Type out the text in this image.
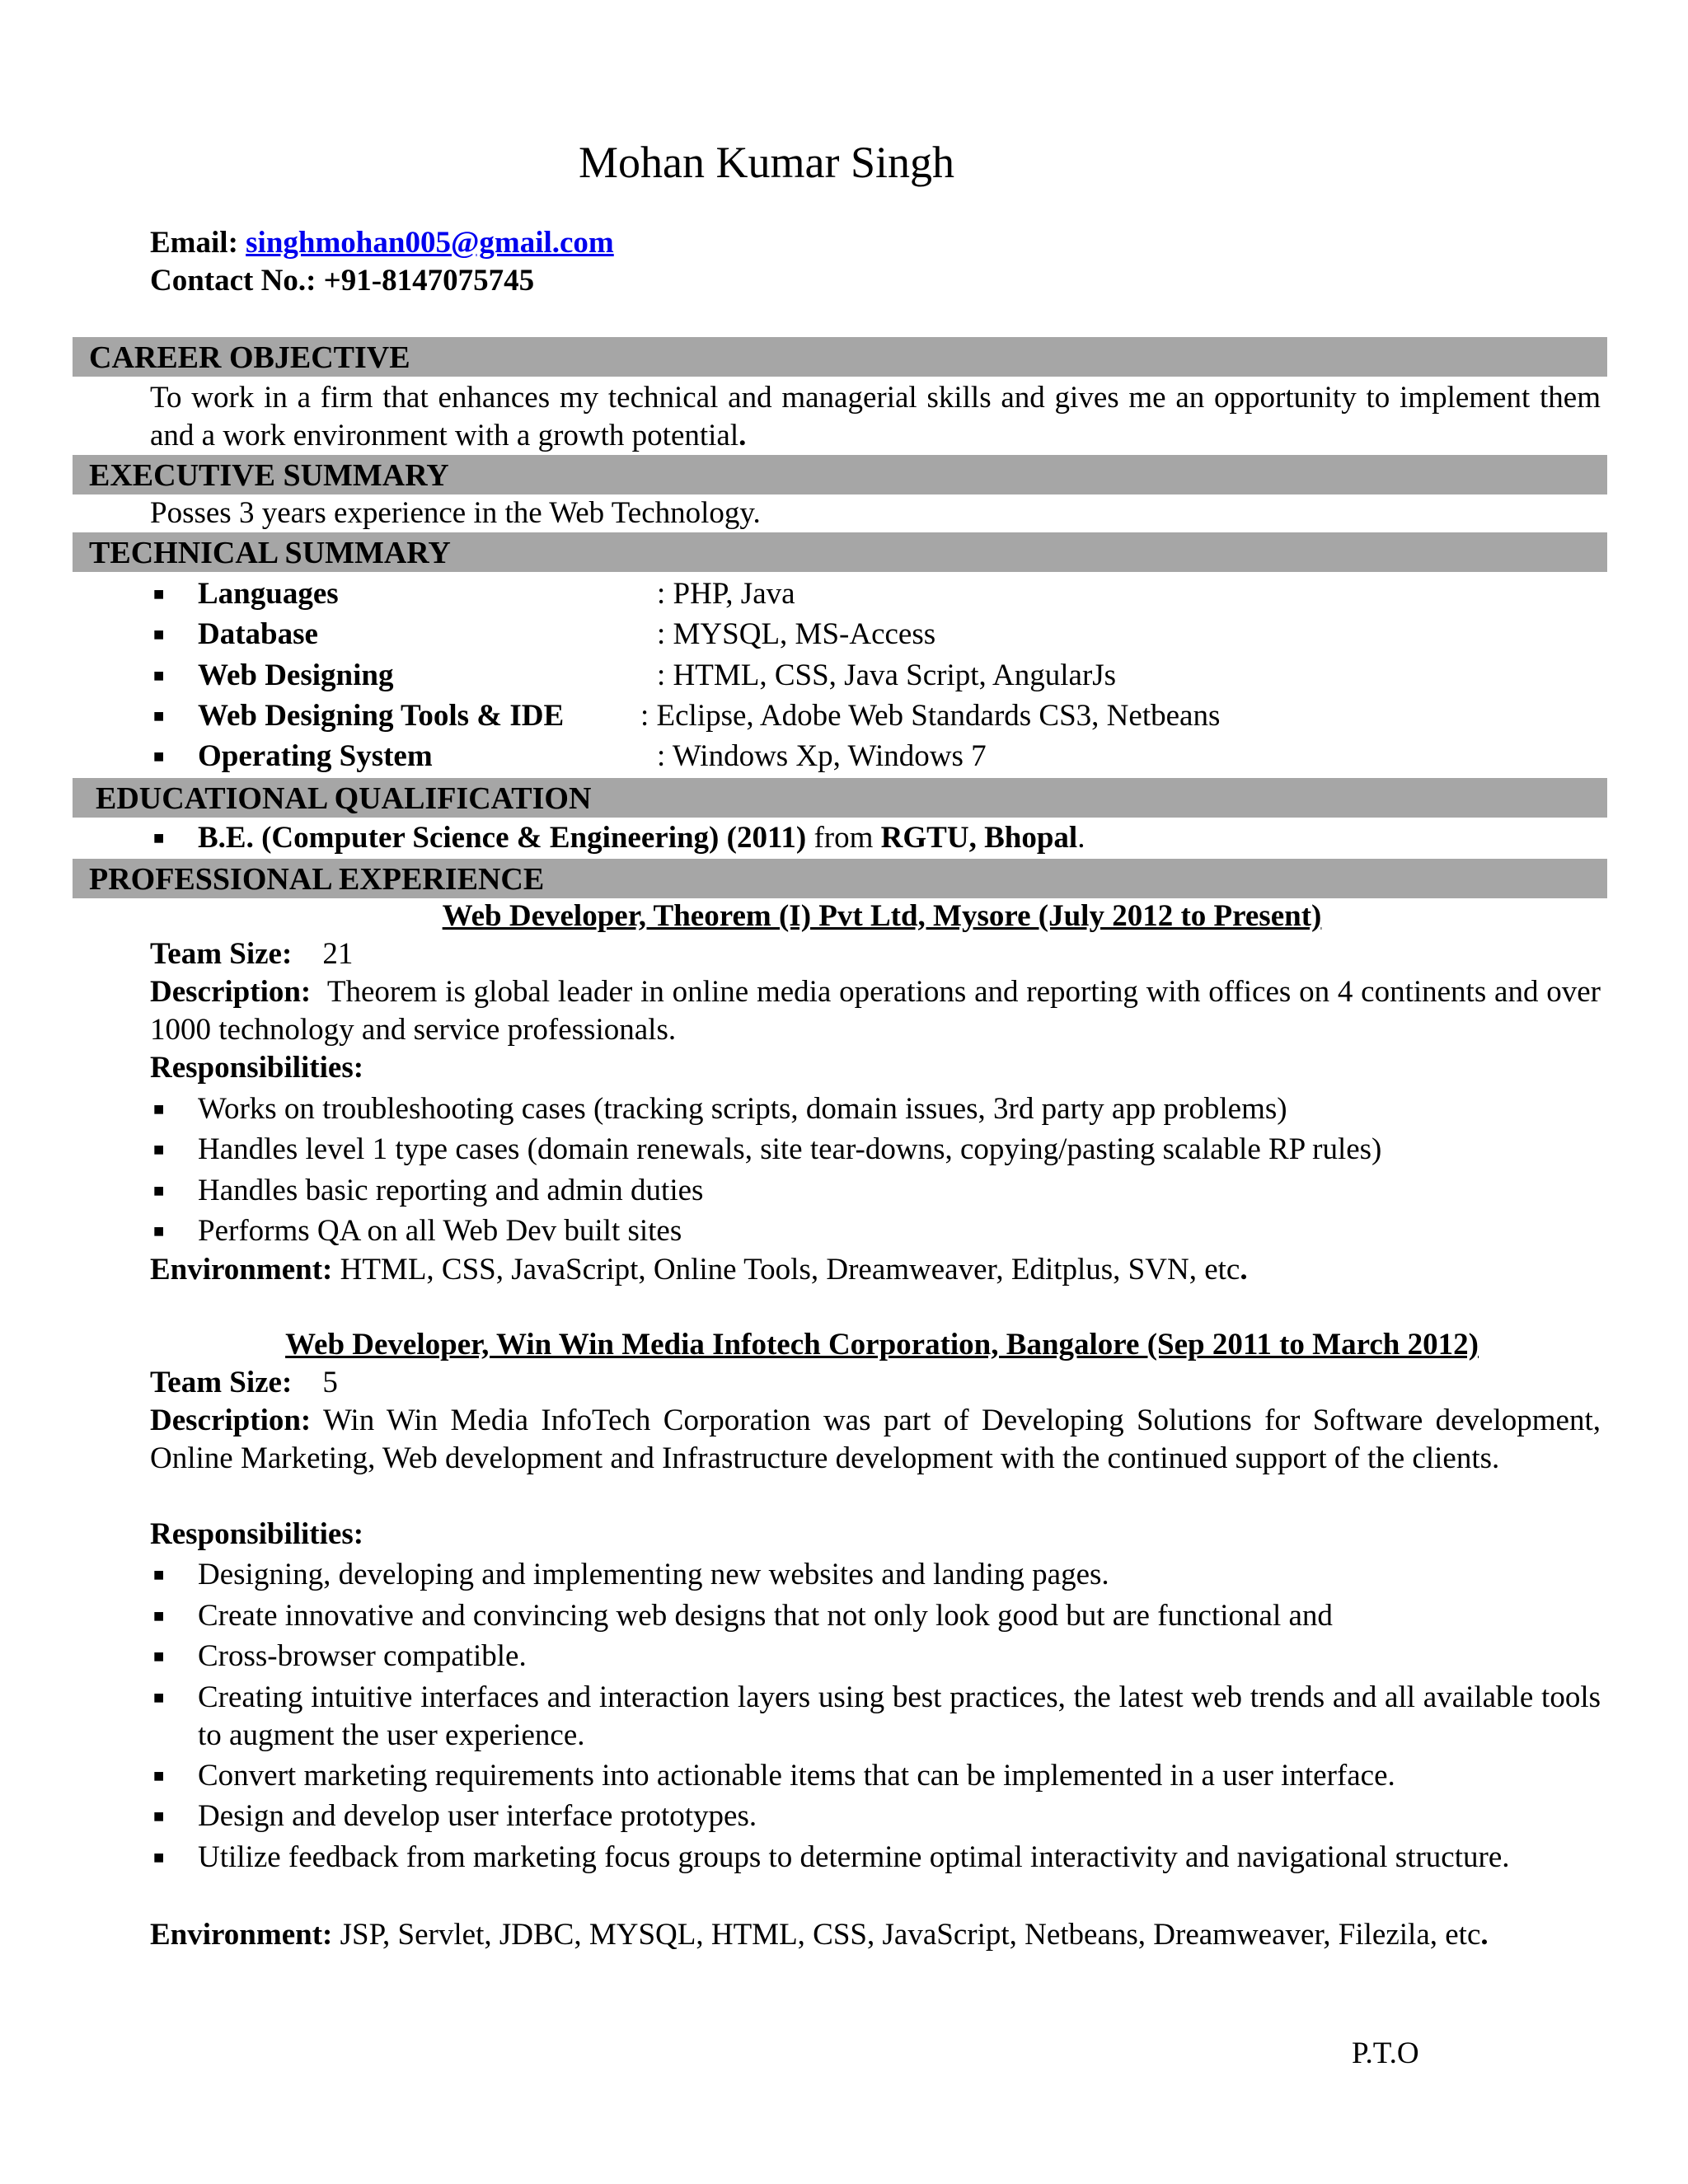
Mohan Kumar Singh
Email: singhmohan005@gmail.com
Contact No.: +91-8147075745
CAREER OBJECTIVE
To work in a firm that enhances my technical and managerial skills and gives me an opportunity to implement them and a work environment with a growth potential.
EXECUTIVE SUMMARY
Posses 3 years experience in the Web Technology.
TECHNICAL SUMMARY
■ Languages	: PHP, Java
■ Database	: MYSQL, MS-Access
■ Web Designing	: HTML, CSS, Java Script, AngularJs
■ Web Designing Tools & IDE	: Eclipse, Adobe Web Standards CS3, Netbeans
■ Operating System	: Windows Xp, Windows 7
EDUCATIONAL QUALIFICATION
■ B.E. (Computer Science & Engineering) (2011) from RGTU, Bhopal.
PROFESSIONAL EXPERIENCE
Web Developer, Theorem (I) Pvt Ltd, Mysore (July 2012 to Present)
Team Size: 21
Description: Theorem is global leader in online media operations and reporting with offices on 4 continents and over 1000 technology and service professionals.
Responsibilities:
■ Works on troubleshooting cases (tracking scripts, domain issues, 3rd party app problems)
■ Handles level 1 type cases (domain renewals, site tear-downs, copying/pasting scalable RP rules)
■ Handles basic reporting and admin duties
■ Performs QA on all Web Dev built sites
Environment: HTML, CSS, JavaScript, Online Tools, Dreamweaver, Editplus, SVN, etc.
Web Developer, Win Win Media Infotech Corporation, Bangalore (Sep 2011 to March 2012)
Team Size: 5
Description: Win Win Media InfoTech Corporation was part of Developing Solutions for Software development, Online Marketing, Web development and Infrastructure development with the continued support of the clients.
Responsibilities:
■ Designing, developing and implementing new websites and landing pages.
■ Create innovative and convincing web designs that not only look good but are functional and
■ Cross-browser compatible.
■ Creating intuitive interfaces and interaction layers using best practices, the latest web trends and all available tools to augment the user experience.
■ Convert marketing requirements into actionable items that can be implemented in a user interface.
■ Design and develop user interface prototypes.
■ Utilize feedback from marketing focus groups to determine optimal interactivity and navigational structure.
Environment: JSP, Servlet, JDBC, MYSQL, HTML, CSS, JavaScript, Netbeans, Dreamweaver, Filezila, etc.
P.T.O
